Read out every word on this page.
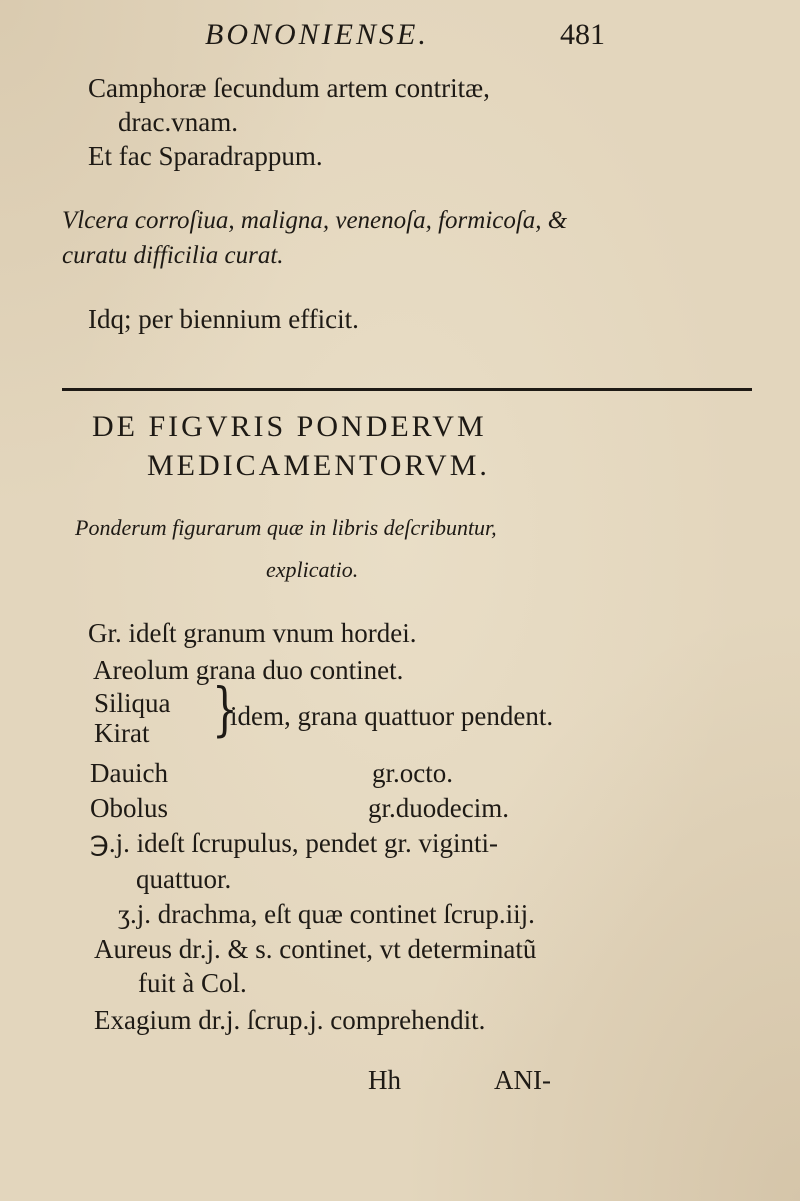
BONONIENSE.	481
Camphoræ ſecundum artem contritæ,
drac.vnam.
Et fac Sparadrappum.
Vlcera corroſiua, maligna, venenoſa, formicoſa, &
curatu difficilia curat.
Idq; per biennium efficit.
DE FIGVRIS PONDERVM
MEDICAMENTORVM.
Ponderum figurarum quæ in libris deſcribuntur,
explicatio.
Gr. ideſt granum vnum hordei.
Areolum grana duo continet.
Siliqua
Kirat }
idem, grana quattuor pendent.
Dauich	gr.octo.
Obolus	gr.duodecim.
℈.j. ideſt ſcrupulus, pendet gr. viginti-
quattuor.
ʒ.j. drachma, eſt quæ continet ſcrup.iij.
Aureus dr.j. & s. continet, vt determinatũ
fuit à Col.
Exagium dr.j. ſcrup.j. comprehendit.
Hh	ANI-
